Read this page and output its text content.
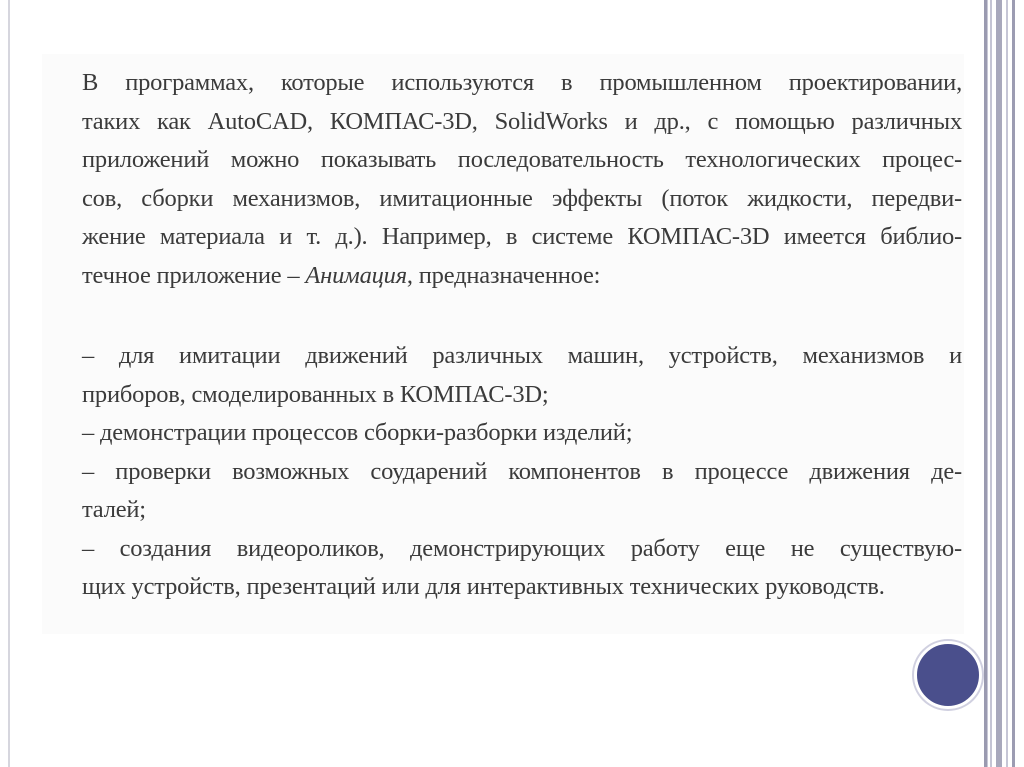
В программах, которые используются в промышленном проектировании,
таких как AutoCAD, КОМПАС-3D, SolidWorks и др., с помощью различных
приложений можно показывать последовательность технологических процес-
сов, сборки механизмов, имитационные эффекты (поток жидкости, передви-
жение материала и т. д.). Например, в системе КОМПАС-3D имеется библио-
течное приложение – Анимация, предназначенное:
– для имитации движений различных машин, устройств, механизмов и
приборов, смоделированных в КОМПАС-3D;
– демонстрации процессов сборки-разборки изделий;
– проверки возможных соударений компонентов в процессе движения де-
талей;
– создания видеороликов, демонстрирующих работу еще не существую-
щих устройств, презентаций или для интерактивных технических руководств.
